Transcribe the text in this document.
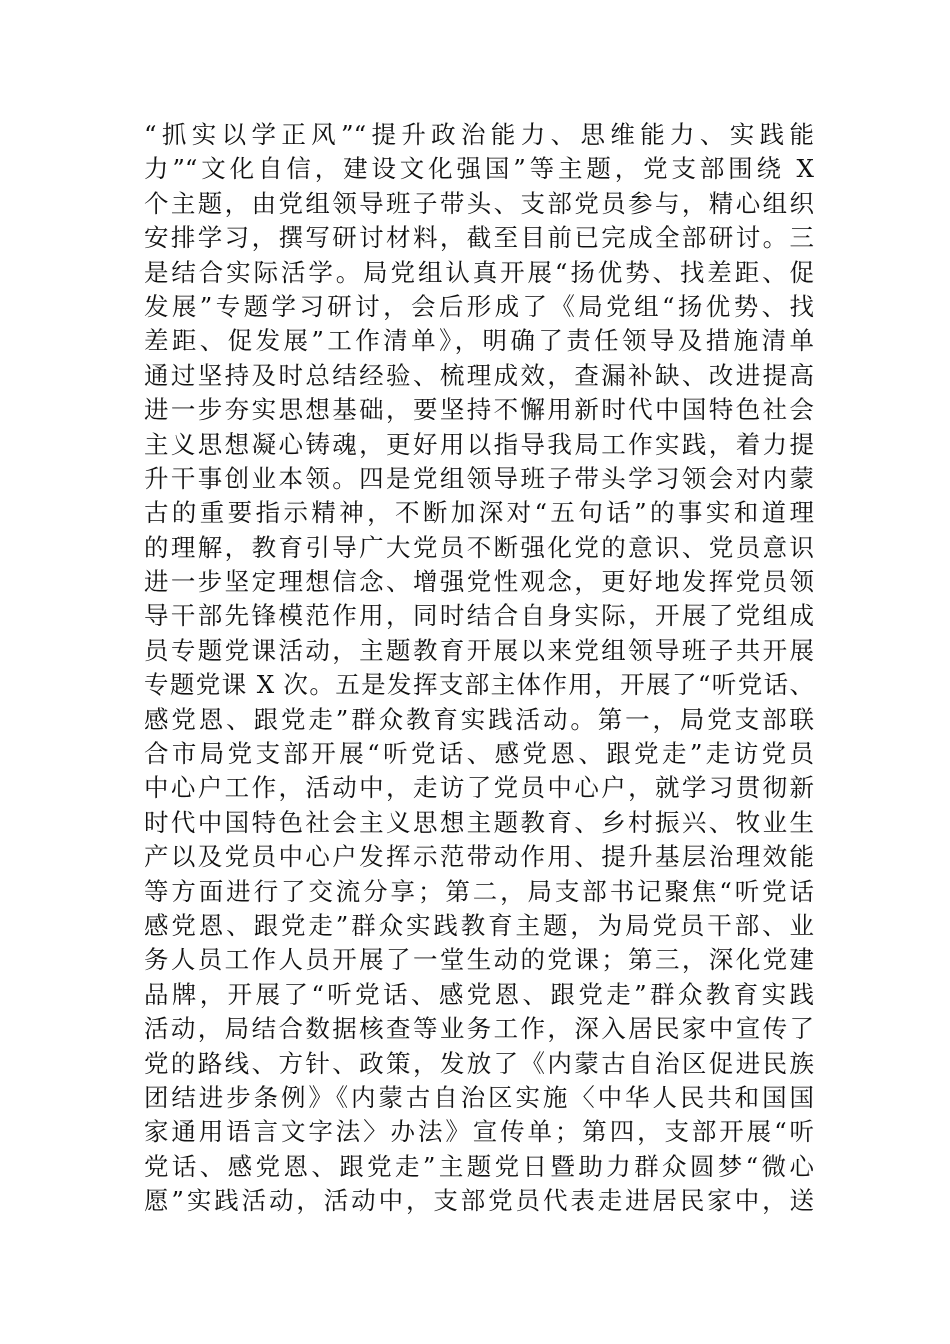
“抓实以学正风”“提升政治能力、思维能力、实践能
力”“文化自信，建设文化强国”等主题，党支部围绕 X
个主题，由党组领导班子带头、支部党员参与，精心组织
安排学习，撰写研讨材料，截至目前已完成全部研讨。三
是结合实际活学。局党组认真开展“扬优势、找差距、促
发展”专题学习研讨，会后形成了《局党组“扬优势、找
差距、促发展”工作清单》，明确了责任领导及措施清单
通过坚持及时总结经验、梳理成效，查漏补缺、改进提高
进一步夯实思想基础，要坚持不懈用新时代中国特色社会
主义思想凝心铸魂，更好用以指导我局工作实践，着力提
升干事创业本领。四是党组领导班子带头学习领会对内蒙
古的重要指示精神，不断加深对“五句话”的事实和道理
的理解，教育引导广大党员不断强化党的意识、党员意识
进一步坚定理想信念、增强党性观念，更好地发挥党员领
导干部先锋模范作用，同时结合自身实际，开展了党组成
员专题党课活动，主题教育开展以来党组领导班子共开展
专题党课 X 次。五是发挥支部主体作用，开展了“听党话、
感党恩、跟党走”群众教育实践活动。第一，局党支部联
合市局党支部开展“听党话、感党恩、跟党走”走访党员
中心户工作，活动中，走访了党员中心户，就学习贯彻新
时代中国特色社会主义思想主题教育、乡村振兴、牧业生
产以及党员中心户发挥示范带动作用、提升基层治理效能
等方面进行了交流分享；第二，局支部书记聚焦“听党话
感党恩、跟党走”群众实践教育主题，为局党员干部、业
务人员工作人员开展了一堂生动的党课；第三，深化党建
品牌，开展了“听党话、感党恩、跟党走”群众教育实践
活动，局结合数据核查等业务工作，深入居民家中宣传了
党的路线、方针、政策，发放了《内蒙古自治区促进民族
团结进步条例》《内蒙古自治区实施〈中华人民共和国国
家通用语言文字法〉办法》宣传单；第四，支部开展“听
党话、感党恩、跟党走”主题党日暨助力群众圆梦“微心
愿”实践活动，活动中，支部党员代表走进居民家中，送
